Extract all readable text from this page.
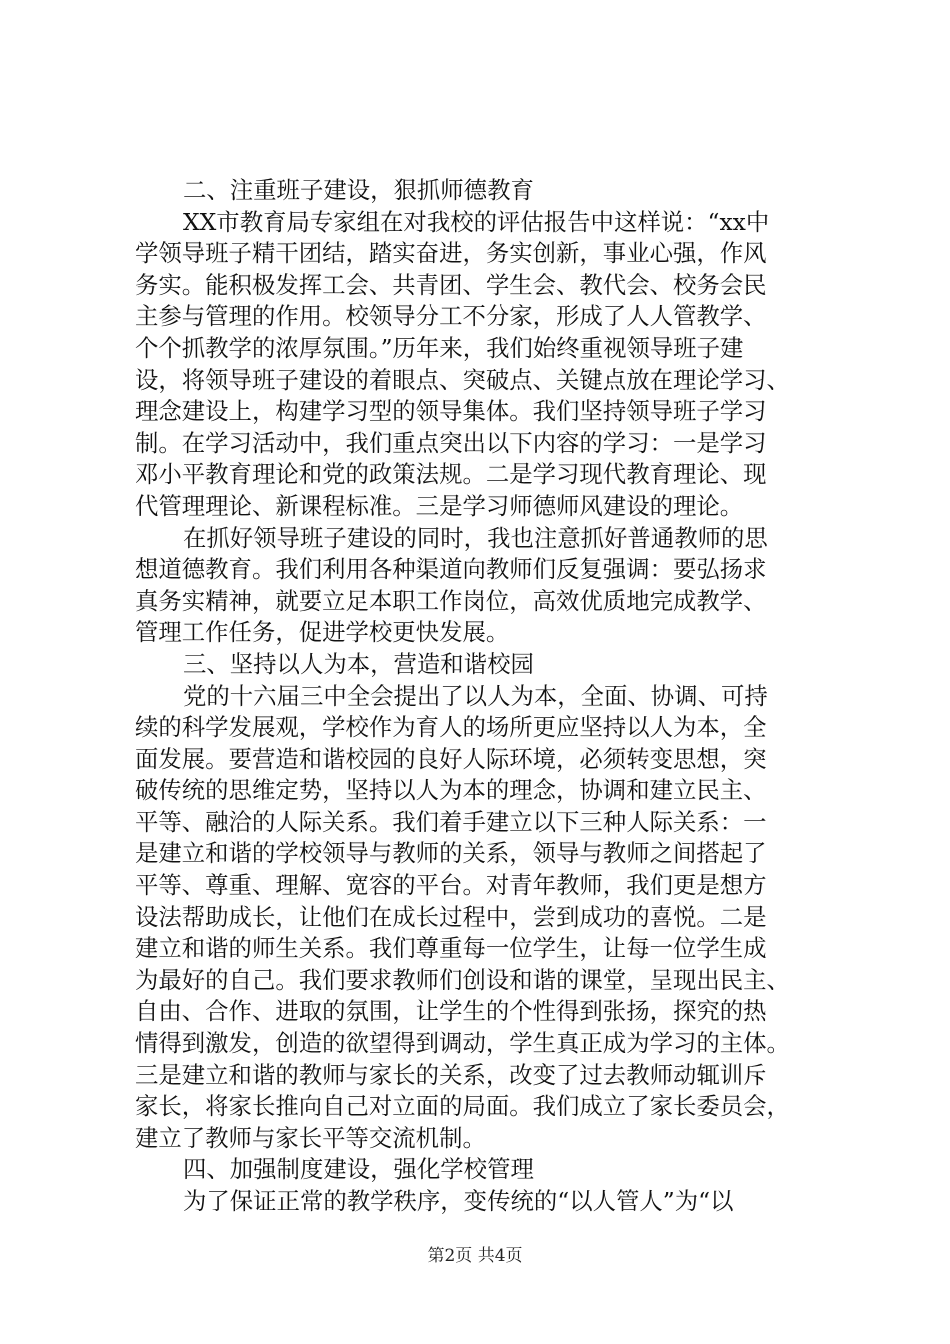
二、注重班子建设，狠抓师德教育
XX市教育局专家组在对我校的评估报告中这样说：“xx中
学领导班子精干团结，踏实奋进，务实创新，事业心强，作风
务实。能积极发挥工会、共青团、学生会、教代会、校务会民
主参与管理的作用。校领导分工不分家，形成了人人管教学、
个个抓教学的浓厚氛围。”历年来，我们始终重视领导班子建
设，将领导班子建设的着眼点、突破点、关键点放在理论学习、
理念建设上，构建学习型的领导集体。我们坚持领导班子学习
制。在学习活动中，我们重点突出以下内容的学习：一是学习
邓小平教育理论和党的政策法规。二是学习现代教育理论、现
代管理理论、新课程标准。三是学习师德师风建设的理论。
在抓好领导班子建设的同时，我也注意抓好普通教师的思
想道德教育。我们利用各种渠道向教师们反复强调：要弘扬求
真务实精神，就要立足本职工作岗位，高效优质地完成教学、
管理工作任务，促进学校更快发展。
三、坚持以人为本，营造和谐校园
党的十六届三中全会提出了以人为本，全面、协调、可持
续的科学发展观，学校作为育人的场所更应坚持以人为本，全
面发展。要营造和谐校园的良好人际环境，必须转变思想，突
破传统的思维定势，坚持以人为本的理念，协调和建立民主、
平等、融洽的人际关系。我们着手建立以下三种人际关系：一
是建立和谐的学校领导与教师的关系，领导与教师之间搭起了
平等、尊重、理解、宽容的平台。对青年教师，我们更是想方
设法帮助成长，让他们在成长过程中，尝到成功的喜悦。二是
建立和谐的师生关系。我们尊重每一位学生，让每一位学生成
为最好的自己。我们要求教师们创设和谐的课堂，呈现出民主、
自由、合作、进取的氛围，让学生的个性得到张扬，探究的热
情得到激发，创造的欲望得到调动，学生真正成为学习的主体。
三是建立和谐的教师与家长的关系，改变了过去教师动辄训斥
家长，将家长推向自己对立面的局面。我们成立了家长委员会，
建立了教师与家长平等交流机制。
四、加强制度建设，强化学校管理
为了保证正常的教学秩序，变传统的“以人管人”为“以
第2页 共4页
